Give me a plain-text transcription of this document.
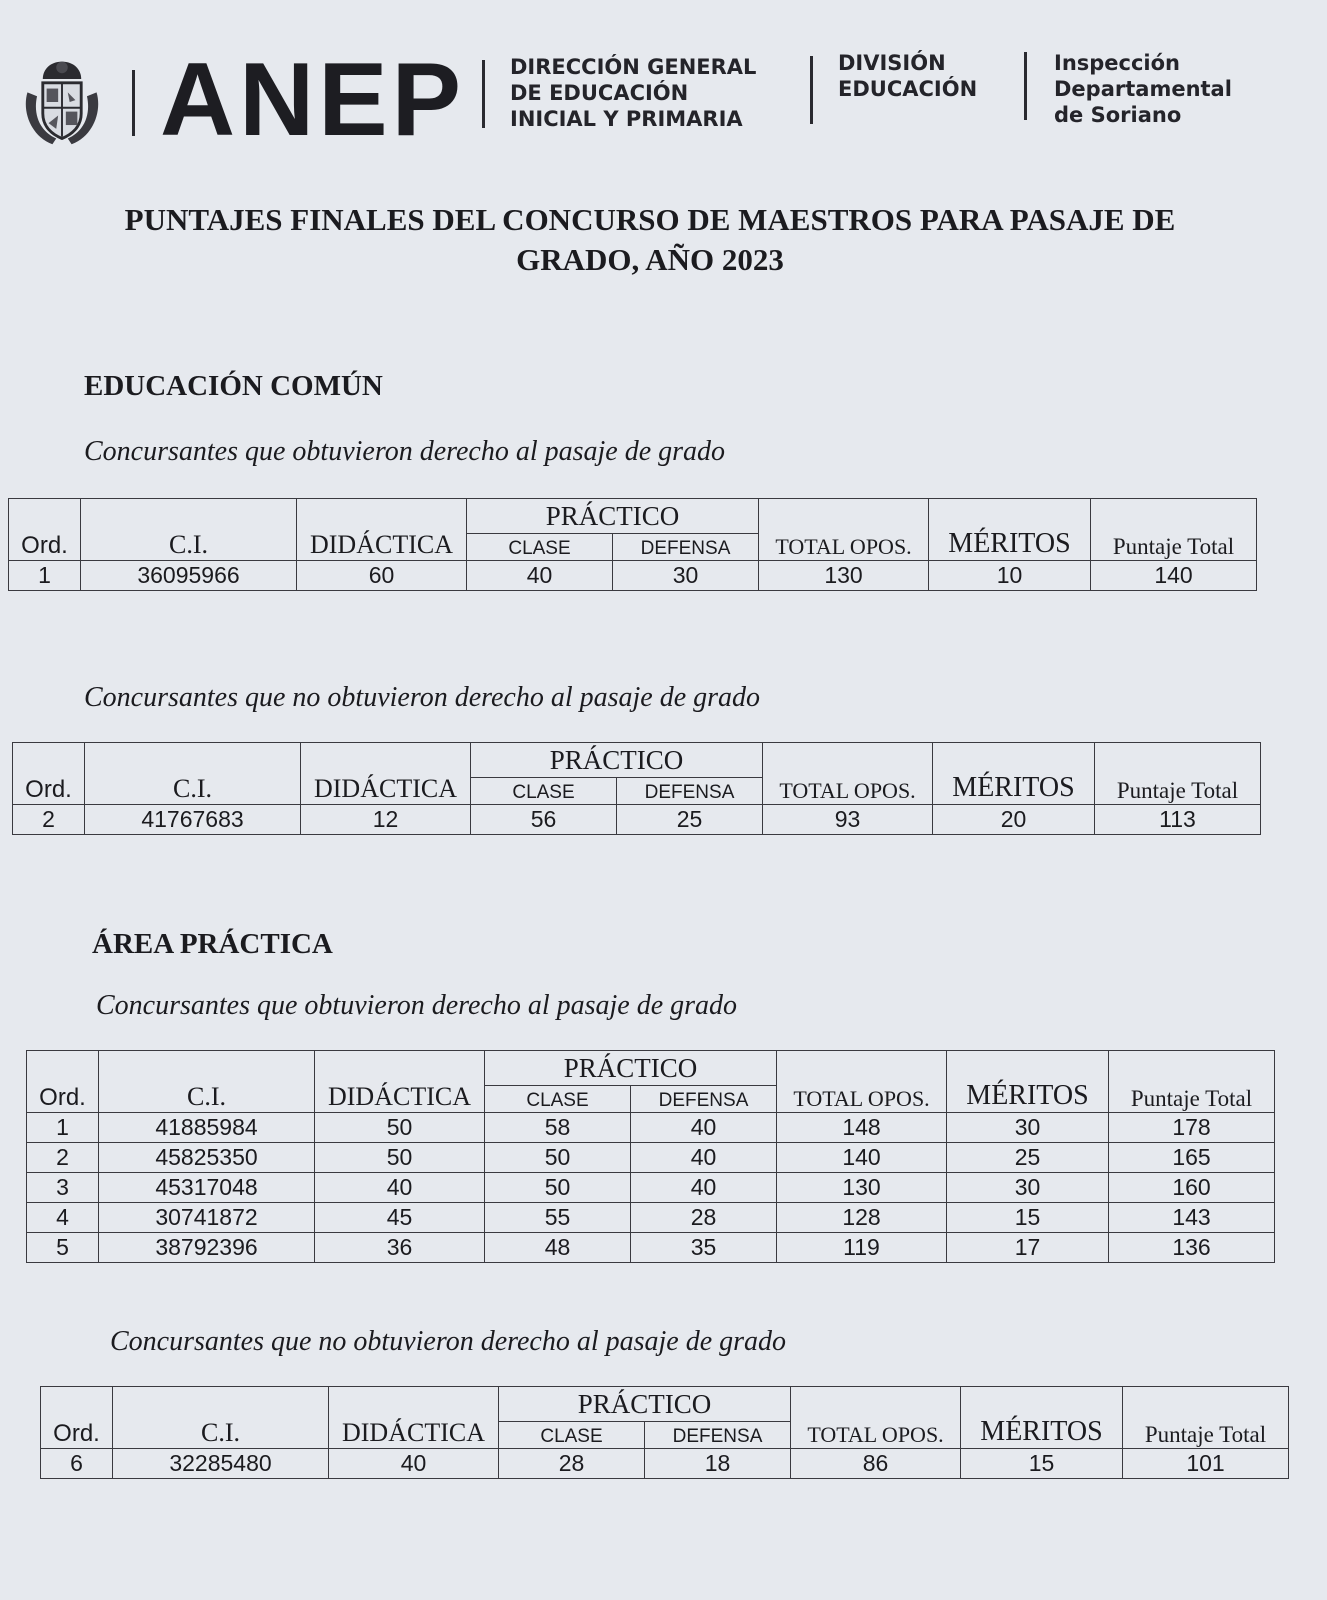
ANEP DIRECCIÓN GENERAL
DE EDUCACIÓN
INICIAL Y PRIMARIA
DIVISIÓN
EDUCACIÓN
Inspección
Departamental
de Soriano
PUNTAJES FINALES DEL CONCURSO DE MAESTROS PARA PASAJE DE
GRADO, AÑO 2023
EDUCACIÓN COMÚN
Concursantes que obtuvieron derecho al pasaje de grado
Ord.	C.I.	DIDÁCTICA	PRÁCTICO		TOTAL OPOS.	MÉRITOS	Puntaje Total
			CLASE	DEFENSA			
1	36095966	60	40	30	130	10	140
Concursantes que no obtuvieron derecho al pasaje de grado
Ord.	C.I.	DIDÁCTICA	PRÁCTICO		TOTAL OPOS.	MÉRITOS	Puntaje Total
			CLASE	DEFENSA			
2	41767683	12	56	25	93	20	113
ÁREA PRÁCTICA
Concursantes que obtuvieron derecho al pasaje de grado
Ord.	C.I.	DIDÁCTICA	PRÁCTICO		TOTAL OPOS.	MÉRITOS	Puntaje Total
			CLASE	DEFENSA			
1	41885984	50	58	40	148	30	178
2	45825350	50	50	40	140	25	165
3	45317048	40	50	40	130	30	160
4	30741872	45	55	28	128	15	143
5	38792396	36	48	35	119	17	136
Concursantes que no obtuvieron derecho al pasaje de grado
Ord.	C.I.	DIDÁCTICA	PRÁCTICO		TOTAL OPOS.	MÉRITOS	Puntaje Total
			CLASE	DEFENSA			
6	32285480	40	28	18	86	15	101
